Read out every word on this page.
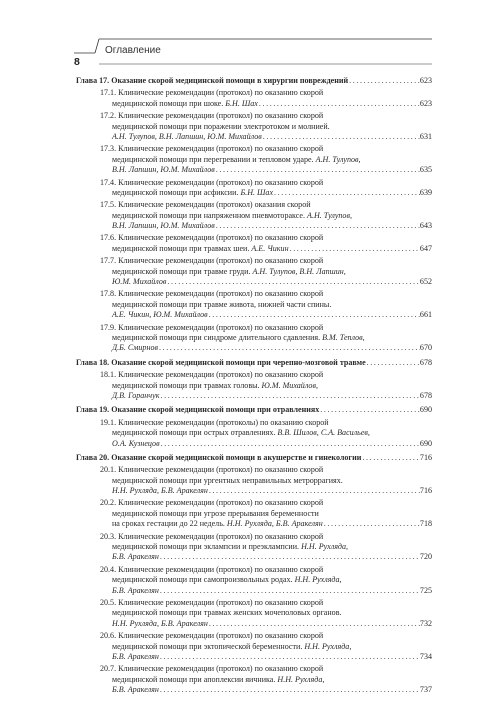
8
Оглавление
Глава 17. Оказание скорой медицинской помощи в хирургии повреждений .....	623
17.1. Клинические рекомендации (протокол) по оказанию скорой
медицинской помощи при шоке. Б.Н. Шах .....	623
17.2. Клинические рекомендации (протокол) по оказанию скорой
медицинской помощи при поражении электротоком и молнией.
А.Н. Тулупов, В.Н. Лапшин, Ю.М. Михайлов .....	631
17.3. Клинические рекомендации (протокол) по оказанию скорой
медицинской помощи при перегревании и тепловом ударе. А.Н. Тулупов,
В.Н. Лапшин, Ю.М. Михайлов .....	635
17.4. Клинические рекомендации (протокол) по оказанию скорой
медицинской помощи при асфиксии. Б.Н. Шах .....	639
17.5. Клинические рекомендации (протокол) оказания скорой
медицинской помощи при напряженном пневмотораксе. А.Н. Тулупов,
В.Н. Лапшин, Ю.М. Михайлов .....	643
17.6. Клинические рекомендации (протокол) по оказанию скорой
медицинской помощи при травмах шеи. А.Е. Чикин .....	647
17.7. Клинические рекомендации (протокол) по оказанию скорой
медицинской помощи при травме груди. А.Н. Тулупов, В.Н. Лапшин,
Ю.М. Михайлов .....	652
17.8. Клинические рекомендации (протокол) по оказанию скорой
медицинской помощи при травме живота, нижней части спины.
А.Е. Чикин, Ю.М. Михайлов .....	661
17.9. Клинические рекомендации (протокол) по оказанию скорой
медицинской помощи при синдроме длительного сдавления. В.М. Теплов,
Д.Б. Смирнов .....	670
Глава 18. Оказание скорой медицинской помощи при черепно-мозговой травме .....	678
18.1. Клинические рекомендации (протокол) по оказанию скорой
медицинской помощи при травмах головы. Ю.М. Михайлов,
Д.В. Горанчук .....	678
Глава 19. Оказание скорой медицинской помощи при отравлениях .....	690
19.1. Клинические рекомендации (протоколы) по оказанию скорой
медицинской помощи при острых отравлениях. В.В. Шилов, С.А. Васильев,
О.А. Кузнецов .....	690
Глава 20. Оказание скорой медицинской помощи в акушерстве и гинекологии .....	716
20.1. Клинические рекомендации (протокол) по оказанию скорой
медицинской помощи при ургентных неправильных метроррагиях.
Н.Н. Рухляда, Б.В. Аракелян .....	716
20.2. Клинические рекомендации (протокол) по оказанию скорой
медицинской помощи при угрозе прерывания беременности
на сроках гестации до 22 недель. Н.Н. Рухляда, Б.В. Аракелян .....	718
20.3. Клинические рекомендации (протокол) по оказанию скорой
медицинской помощи при эклампсии и преэклампсии. Н.Н. Рухляда,
Б.В. Аракелян .....	720
20.4. Клинические рекомендации (протокол) по оказанию скорой
медицинской помощи при самопроизвольных родах. Н.Н. Рухляда,
Б.В. Аракелян .....	725
20.5. Клинические рекомендации (протокол) по оказанию скорой
медицинской помощи при травмах женских мочеполовых органов.
Н.Н. Рухляда, Б.В. Аракелян .....	732
20.6. Клинические рекомендации (протокол) по оказанию скорой
медицинской помощи при эктопической беременности. Н.Н. Рухляда,
Б.В. Аракелян .....	734
20.7. Клинические рекомендации (протокол) по оказанию скорой
медицинской помощи при апоплексии яичника. Н.Н. Рухляда,
Б.В. Аракелян .....	737
